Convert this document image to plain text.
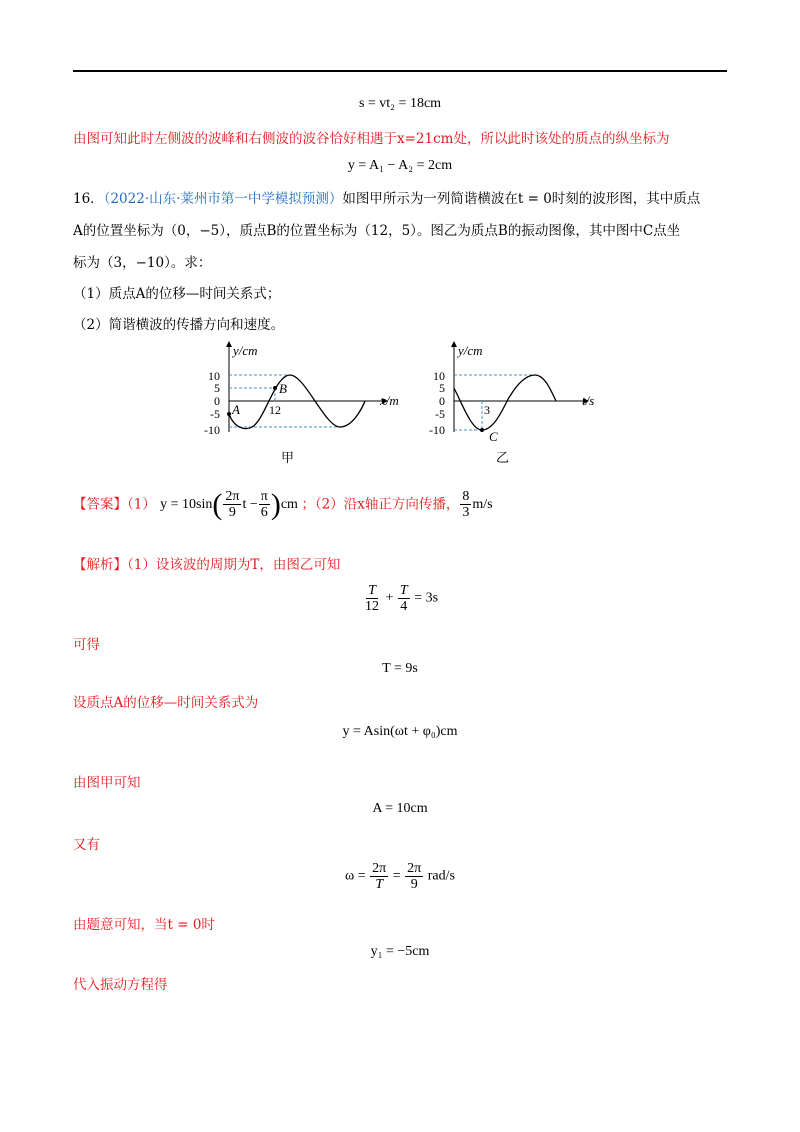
s = vt₂ = 18cm
由图可知此时左侧波的波峰和右侧波的波谷恰好相遇于x=21cm处，所以此时该处的质点的纵坐标为
y = A₁ − A₂ = 2cm
16．（2022·山东·莱州市第一中学模拟预测）如图甲所示为一列简谐横波在t = 0时刻的波形图，其中质点
A的位置坐标为（0，−5），质点B的位置坐标为（12，5）。图乙为质点B的振动图像，其中图中C点坐
标为（3，−10）。求：
（1）质点A的位移—时间关系式；
（2）简谐横波的传播方向和速度。
y/cm
x/m
10
5
0
-5
-10
A
B
12
甲
y/cm
t/s
10
5
0
-5
-10	C
3
乙
【答案】（1） $y = 10\sin( \frac{2\pi}{9}$ $t - \frac{\pi}{6} )cm$ ；（2）沿x轴正方向传播， $\frac{8}{3} m/s$
【解析】（1）设该波的周期为T，由图乙可知
$\frac{T}{12} + \frac{T}{4} = 3s$
可得
T = 9s
设质点A的位移—时间关系式为
y = Asin(ωt + φ₀)cm
由图甲可知
A = 10cm
又有
$\omega = \frac{2\pi}{T} = \frac{2\pi}{9} rad/s$
由题意可知，当t = 0时
y₁ = −5cm
代入振动方程得
